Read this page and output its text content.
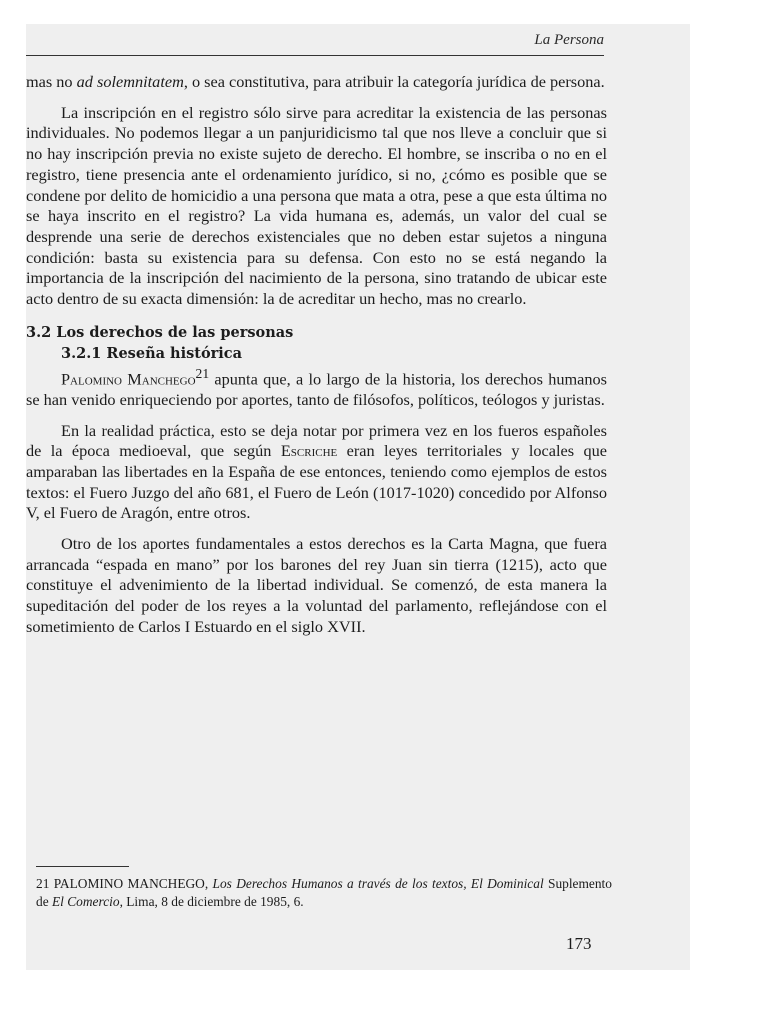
La Persona

mas no ad solemnitatem, o sea constitutiva, para atribuir la categoría jurídica de persona.

La inscripción en el registro sólo sirve para acreditar la existencia de las personas individuales. No podemos llegar a un panjuridicismo tal que nos lleve a concluir que si no hay inscripción previa no existe sujeto de derecho. El hombre, se inscriba o no en el registro, tiene presencia ante el ordenamiento jurídico, si no, ¿cómo es posible que se condene por delito de homicidio a una persona que mata a otra, pese a que esta última no se haya inscrito en el registro? La vida humana es, además, un valor del cual se desprende una serie de derechos existenciales que no deben estar sujetos a ninguna condición: basta su existencia para su defensa. Con esto no se está negando la importancia de la inscripción del nacimiento de la persona, sino tratando de ubicar este acto dentro de su exacta dimensión: la de acreditar un hecho, mas no crearlo.

3.2 Los derechos de las personas
3.2.1 Reseña histórica

Palomino Manchego$^{21}$ apunta que, a lo largo de la historia, los derechos humanos se han venido enriqueciendo por aportes, tanto de filósofos, políticos, teólogos y juristas.

En la realidad práctica, esto se deja notar por primera vez en los fueros españoles de la época medioeval, que según Escriche eran leyes territoriales y locales que amparaban las libertades en la España de ese entonces, teniendo como ejemplos de estos textos: el Fuero Juzgo del año 681, el Fuero de León (1017-1020) concedido por Alfonso V, el Fuero de Aragón, entre otros.

Otro de los aportes fundamentales a estos derechos es la Carta Magna, que fuera arrancada “espada en mano” por los barones del rey Juan sin tierra (1215), acto que constituye el advenimiento de la libertad individual. Se comenzó, de esta manera la supeditación del poder de los reyes a la voluntad del parlamento, reflejándose con el sometimiento de Carlos I Estuardo en el siglo XVII.

21 PALOMINO MANCHEGO, Los Derechos Humanos a través de los textos, El Dominical Suplemento de El Comercio, Lima, 8 de diciembre de 1985, 6.
173
